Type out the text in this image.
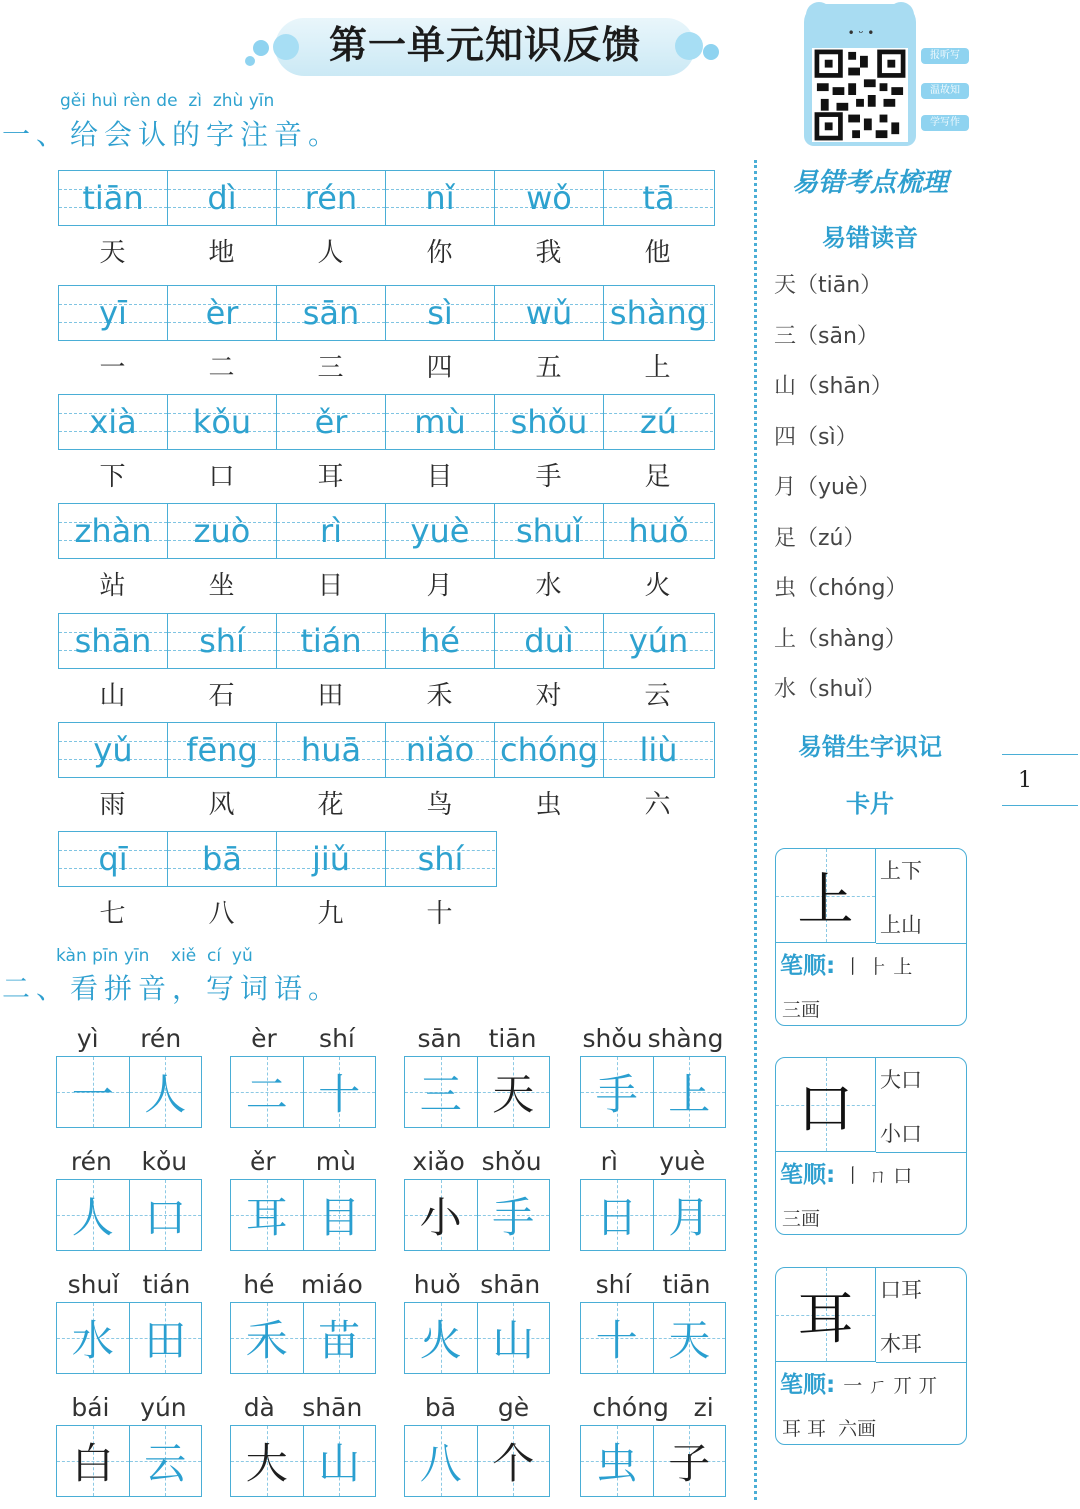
第一单元知识反馈	• ᵕ •
报听写
温故知
学写作
gěi huì rèn de  zì  zhù yīn
一、给会认的字注音。
tiān dì rén nǐ wǒ tā
天	地	人	你	我	他
yī èr sān sì wǔ shàng
一	二	三	四	五	上
xià kǒu ěr mù shǒu zú
下	口	耳	目	手	足
zhàn zuò rì yuè shuǐ huǒ
站	坐	日	月	水	火
shān shí tián hé duì yún
山	石	田	禾	对	云
yǔ fēng huā niǎo chóng liù
雨	风	花	鸟	虫	六
qī bā jiǔ shí
七	八	九	十
kàn pīn yīn    xiě  cí  yǔ
二、看拼音，写词语。
yì rén
一 人
èr shí
二 十
sān tiān
三 天
shǒu shàng
手 上
rén kǒu
人 口
ěr mù
耳 目
xiǎo shǒu
小 手
rì yuè
日 月
shuǐ tián
水 田
hé miáo
禾 苗
huǒ shān
火 山
shí tiān
十 天
bái yún
白 云
dà shān
大 山
bā gè
八 个
chóng zi
虫 子
易错考点梳理
易错读音
天（tiān）
三（sān）
山（shān）
四（sì）
月（yuè）
足（zú）
虫（chóng）
上（shàng）
水（shuǐ）
易错生字识记
卡片
上 上下
上山
笔顺: 丨 ⺊ 上
三画
口 大口
小口
笔顺: 丨 ㄇ 口
三画
耳 口耳
木耳
笔顺: 一 ㄏ 丌 丌
耳 耳  六画
1
